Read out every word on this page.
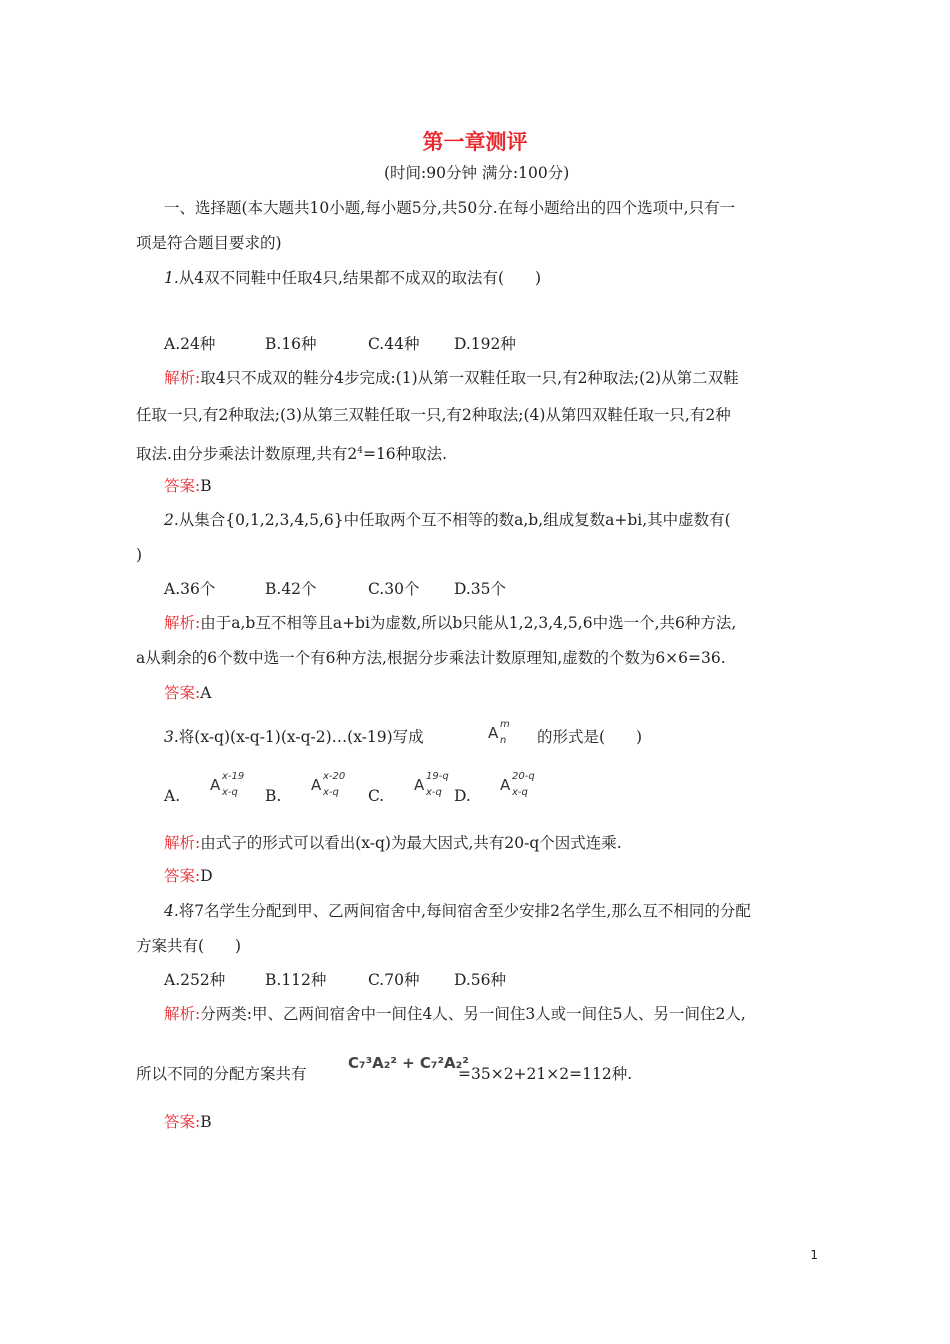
第一章测评
(时间:90分钟 满分:100分)
一、选择题(本大题共10小题,每小题5分,共50分.在每小题给出的四个选项中,只有一
项是符合题目要求的)
1.从4双不同鞋中任取4只,结果都不成双的取法有(　　)
A.24种	B.16种	C.44种 D.192种
解析:取4只不成双的鞋分4步完成:(1)从第一双鞋任取一只,有2种取法;(2)从第二双鞋
任取一只,有2种取法;(3)从第三双鞋任取一只,有2种取法;(4)从第四双鞋任取一只,有2种
取法.由分步乘法计数原理,共有$2^4=16$种取法.
答案:B
2.从集合{0,1,2,3,4,5,6}中任取两个互不相等的数a,b,组成复数a+bi,其中虚数有(
)
A.36个	B.42个	C.30个 D.35个
解析:由于a,b互不相等且a+bi为虚数,所以b只能从1,2,3,4,5,6中选一个,共6种方法,
a从剩余的6个数中选一个有6种方法,根据分步乘法计数原理知,虚数的个数为6×6=36.
答案:A
3.将(x-q)(x-q-1)(x-q-2)…(x-19)写成	A m
n 的形式是(　　)
A.
A x-19
x-q B.
A x-20
x-q C.
A 19-q
x-q D.
A 20-q
x-q
解析:由式子的形式可以看出(x-q)为最大因式,共有20-q个因式连乘.
答案:D
4.将7名学生分配到甲、乙两间宿舍中,每间宿舍至少安排2名学生,那么互不相同的分配
方案共有(　　)
A.252种	B.112种	C.70种 D.56种
解析:分两类:甲、乙两间宿舍中一间住4人、另一间住3人或一间住5人、另一间住2人,
所以不同的分配方案共有
C₇³A₂² + C₇²A₂²
=35×2+21×2=112种.
答案:B
1
